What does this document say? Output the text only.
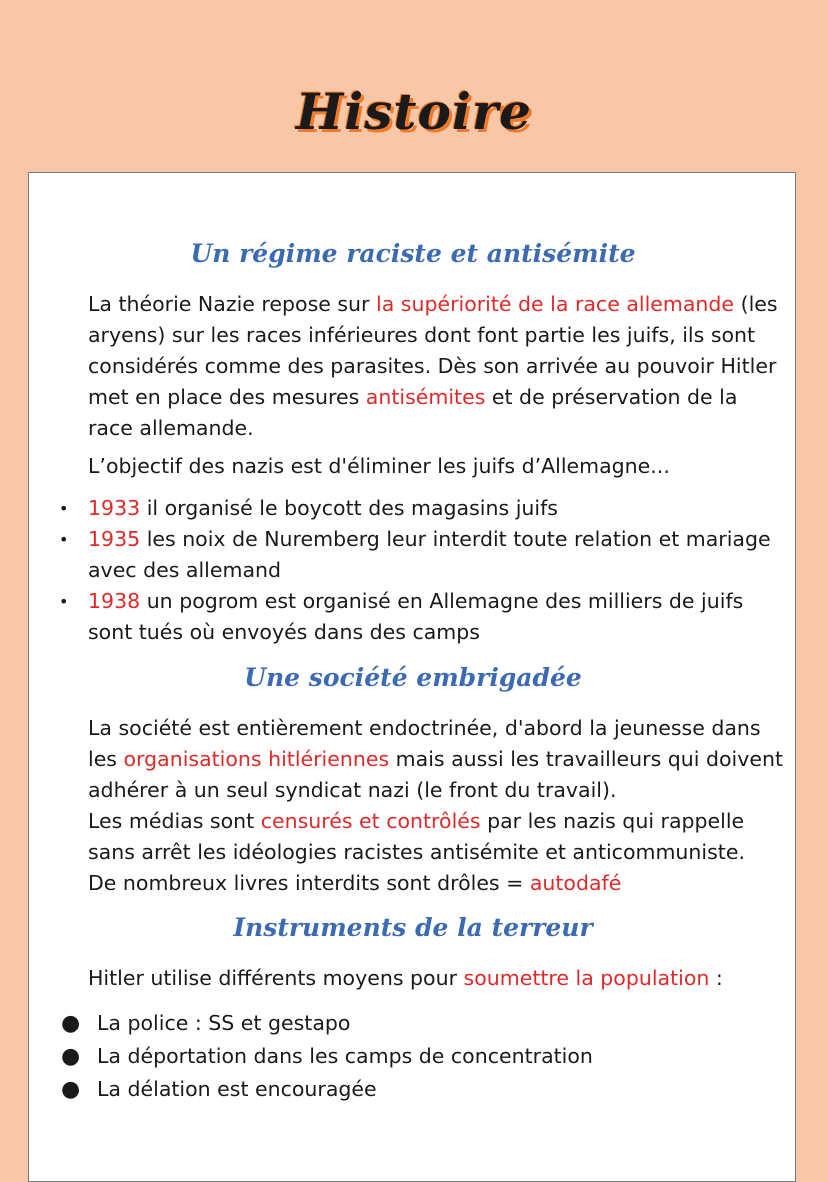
Histoire
Un régime raciste et antisémite

La théorie Nazie repose sur la supériorité de la race allemande (les aryens) sur les races inférieures dont font partie les juifs, ils sont considérés comme des parasites. Dès son arrivée au pouvoir Hitler met en place des mesures antisémites et de préservation de la race allemande.

L’objectif des nazis est d'éliminer les juifs d’Allemagne...

• 1933 il organisé le boycott des magasins juifs
• 1935 les noix de Nuremberg leur interdit toute relation et mariage avec des allemand
• 1938 un pogrom est organisé en Allemagne des milliers de juifs sont tués où envoyés dans des camps
Une société embrigadée

La société est entièrement endoctrinée, d'abord la jeunesse dans les organisations hitlériennes mais aussi les travailleurs qui doivent adhérer à un seul syndicat nazi (le front du travail).
Les médias sont censurés et contrôlés par les nazis qui rappelle sans arrêt les idéologies racistes antisémite et anticommuniste.
De nombreux livres interdits sont drôles = autodafé

Instruments de la terreur

Hitler utilise différents moyens pour soumettre la population :

● La police : SS et gestapo
● La déportation dans les camps de concentration
● La délation est encouragée
